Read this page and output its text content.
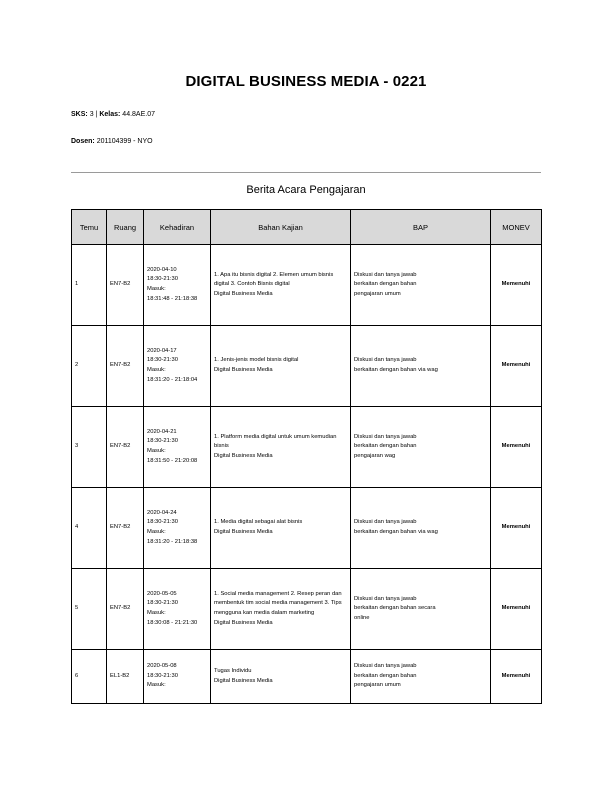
DIGITAL BUSINESS MEDIA - 0221
SKS: 3 | Kelas: 44.8AE.07
Dosen: 201104399 - NYO
Berita Acara Pengajaran
Temu	Ruang	Kehadiran	Bahan Kajian	BAP	MONEV
1	EN7-B2	2020-04-10
18:30-21:30
Masuk:
18:31:48 - 21:18:38	1. Apa itu bisnis digital 2. Elemen umum bisnis digital 3. Contoh Bisnis digital
Digital Business Media	Diskusi dan tanya jawab
berkaitan dengan bahan
pengajaran umum	Memenuhi
2	EN7-B2	2020-04-17
18:30-21:30
Masuk:
18:31:20 - 21:18:04	1. Jenis-jenis model bisnis digital
Digital Business Media	Diskusi dan tanya jawab
berkaitan dengan bahan via wag	Memenuhi
3	EN7-B2	2020-04-21
18:30-21:30
Masuk:
18:31:50 - 21:20:08	1. Platform media digital untuk umum kemudian bisnis
Digital Business Media	Diskusi dan tanya jawab
berkaitan dengan bahan
pengajaran wag	Memenuhi
4	EN7-B2	2020-04-24
18:30-21:30
Masuk:
18:31:20 - 21:18:38	1. Media digital sebagai alat bisnis
Digital Business Media	Diskusi dan tanya jawab
berkaitan dengan bahan via wag	Memenuhi
5	EN7-B2	2020-05-05
18:30-21:30
Masuk:
18:30:08 - 21:21:30	1. Social media management 2. Resep peran dan membentuk tim social media management 3. Tips mengguna kan media dalam marketing
Digital Business Media	Diskusi dan tanya jawab
berkaitan dengan bahan secara
online	Memenuhi
6	EL1-B2	2020-05-08
18:30-21:30
Masuk:	Tugas Individu
Digital Business Media	Diskusi dan tanya jawab
berkaitan dengan bahan
pengajaran umum	Memenuhi
